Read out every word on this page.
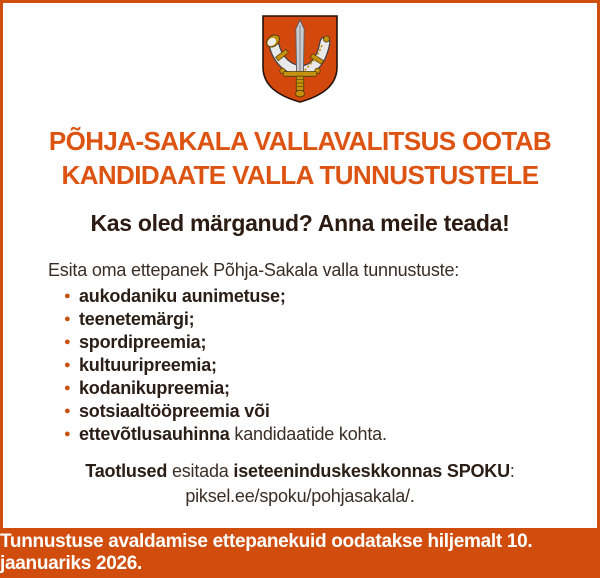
PÕHJA-SAKALA VALLAVALITSUS OOTAB
KANDIDAATE VALLA TUNNUSTUSTELE
Kas oled märganud? Anna meile teada!

Esita oma ettepanek Põhja-Sakala valla tunnustuste:

● aukodaniku aunimetuse;
● teenetemärgi;
● spordipreemia;
● kultuuripreemia;
● kodanikupreemia;
● sotsiaaltööpreemia või
● ettevõtlusauhinna kandidaatide kohta.

Taotlused esitada iseteeninduskeskkonnas SPOKU:
piksel.ee/spoku/pohjasakala/.

Tunnustuse avaldamise ettepanekuid oodatakse hiljemalt 10. jaanuariks 2026.
